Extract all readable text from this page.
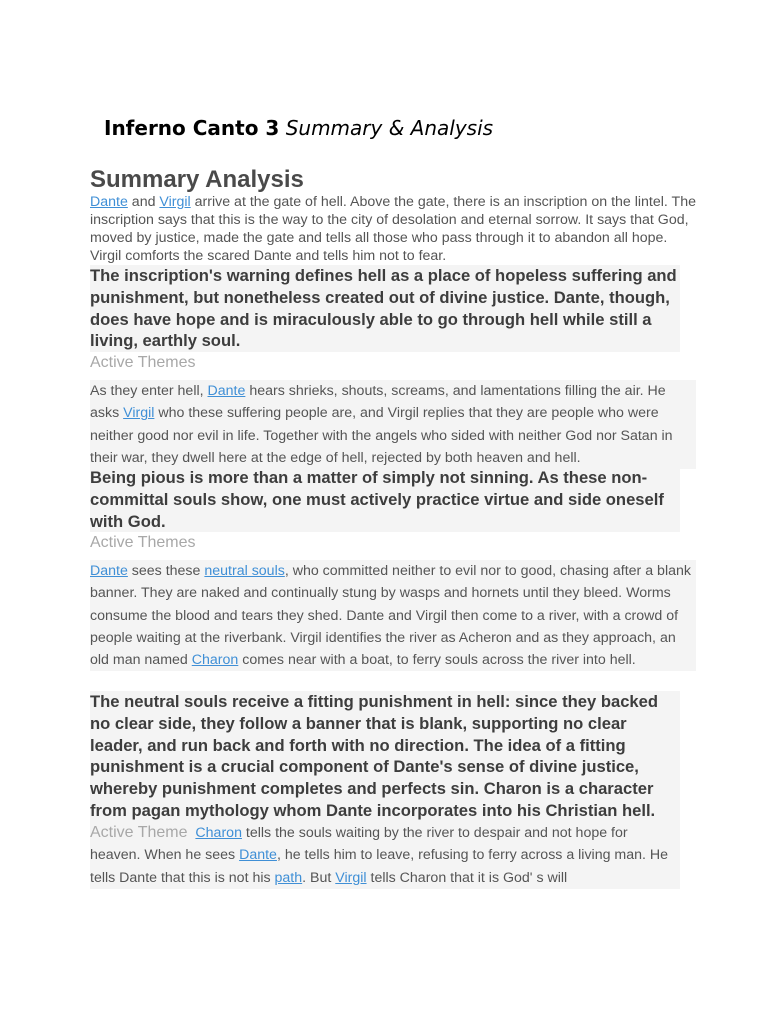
Inferno Canto 3 Summary & Analysis
Summary Analysis
Dante and Virgil arrive at the gate of hell. Above the gate, there is an inscription on the lintel. The inscription says that this is the way to the city of desolation and eternal sorrow. It says that God, moved by justice, made the gate and tells all those who pass through it to abandon all hope. Virgil comforts the scared Dante and tells him not to fear.
The inscription's warning defines hell as a place of hopeless suffering and punishment, but nonetheless created out of divine justice. Dante, though, does have hope and is miraculously able to go through hell while still a living, earthly soul.
Active Themes
As they enter hell, Dante hears shrieks, shouts, screams, and lamentations filling the air. He asks Virgil who these suffering people are, and Virgil replies that they are people who were neither good nor evil in life. Together with the angels who sided with neither God nor Satan in their war, they dwell here at the edge of hell, rejected by both heaven and hell.
Being pious is more than a matter of simply not sinning. As these non-committal souls show, one must actively practice virtue and side oneself with God.
Active Themes
Dante sees these neutral souls, who committed neither to evil nor to good, chasing after a blank banner. They are naked and continually stung by wasps and hornets until they bleed. Worms consume the blood and tears they shed. Dante and Virgil then come to a river, with a crowd of people waiting at the riverbank. Virgil identifies the river as Acheron and as they approach, an old man named Charon comes near with a boat, to ferry souls across the river into hell.
The neutral souls receive a fitting punishment in hell: since they backed no clear side, they follow a banner that is blank, supporting no clear leader, and run back and forth with no direction. The idea of a fitting punishment is a crucial component of Dante's sense of divine justice, whereby punishment completes and perfects sin. Charon is a character from pagan mythology whom Dante incorporates into his Christian hell.
Active Theme Charon tells the souls waiting by the river to despair and not hope for heaven. When he sees Dante, he tells him to leave, refusing to ferry across a living man. He tells Dante that this is not his path. But Virgil tells Charon that it is God' s will
